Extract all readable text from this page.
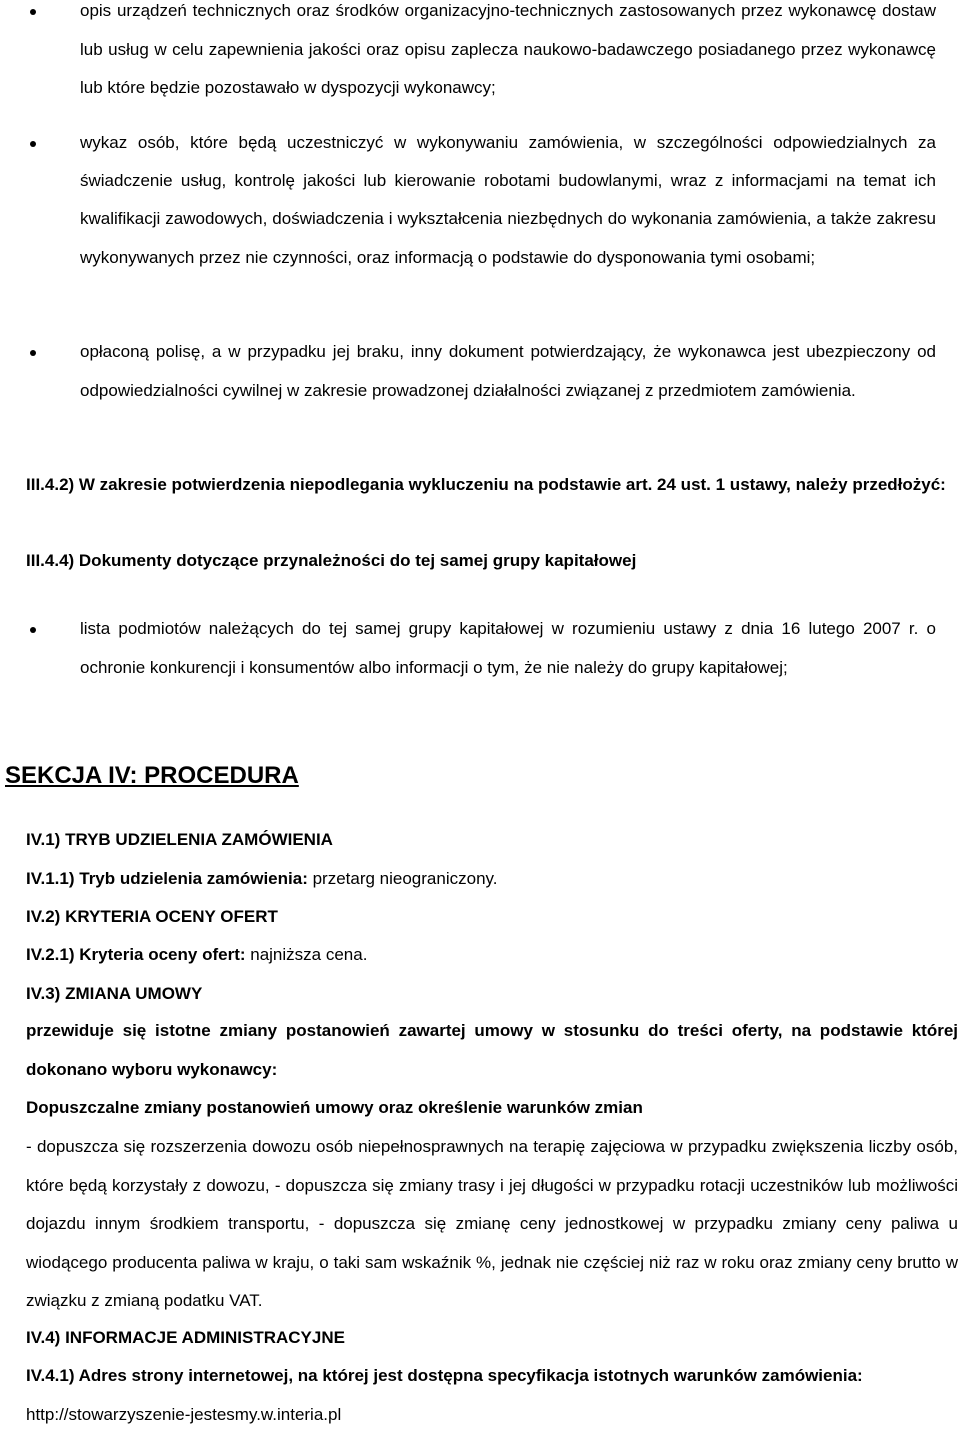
opis urządzeń technicznych oraz środków organizacyjno-technicznych zastosowanych przez wykonawcę dostaw lub usług w celu zapewnienia jakości oraz opisu zaplecza naukowo-badawczego posiadanego przez wykonawcę lub które będzie pozostawało w dyspozycji wykonawcy;
wykaz osób, które będą uczestniczyć w wykonywaniu zamówienia, w szczególności odpowiedzialnych za świadczenie usług, kontrolę jakości lub kierowanie robotami budowlanymi, wraz z informacjami na temat ich kwalifikacji zawodowych, doświadczenia i wykształcenia niezbędnych do wykonania zamówienia, a także zakresu wykonywanych przez nie czynności, oraz informacją o podstawie do dysponowania tymi osobami;
opłaconą polisę, a w przypadku jej braku, inny dokument potwierdzający, że wykonawca jest ubezpieczony od odpowiedzialności cywilnej w zakresie prowadzonej działalności związanej z przedmiotem zamówienia.
III.4.2) W zakresie potwierdzenia niepodlegania wykluczeniu na podstawie art. 24 ust. 1 ustawy, należy przedłożyć:
III.4.4) Dokumenty dotyczące przynależności do tej samej grupy kapitałowej
lista podmiotów należących do tej samej grupy kapitałowej w rozumieniu ustawy z dnia 16 lutego 2007 r. o ochronie konkurencji i konsumentów albo informacji o tym, że nie należy do grupy kapitałowej;
SEKCJA IV: PROCEDURA
IV.1) TRYB UDZIELENIA ZAMÓWIENIA
IV.1.1) Tryb udzielenia zamówienia: przetarg nieograniczony.
IV.2) KRYTERIA OCENY OFERT
IV.2.1) Kryteria oceny ofert: najniższa cena.
IV.3) ZMIANA UMOWY
przewiduje się istotne zmiany postanowień zawartej umowy w stosunku do treści oferty, na podstawie której dokonano wyboru wykonawcy:
Dopuszczalne zmiany postanowień umowy oraz określenie warunków zmian
- dopuszcza się rozszerzenia dowozu osób niepełnosprawnych na terapię zajęciowa w przypadku zwiększenia liczby osób, które będą korzystały z dowozu, - dopuszcza się zmiany trasy i jej długości w przypadku rotacji uczestników lub możliwości dojazdu innym środkiem transportu, - dopuszcza się zmianę ceny jednostkowej w przypadku zmiany ceny paliwa u wiodącego producenta paliwa w kraju, o taki sam wskaźnik %, jednak nie częściej niż raz w roku oraz zmiany ceny brutto w związku z zmianą podatku VAT.
IV.4) INFORMACJE ADMINISTRACYJNE
IV.4.1) Adres strony internetowej, na której jest dostępna specyfikacja istotnych warunków zamówienia: http://stowarzyszenie-jestesmy.w.interia.pl
